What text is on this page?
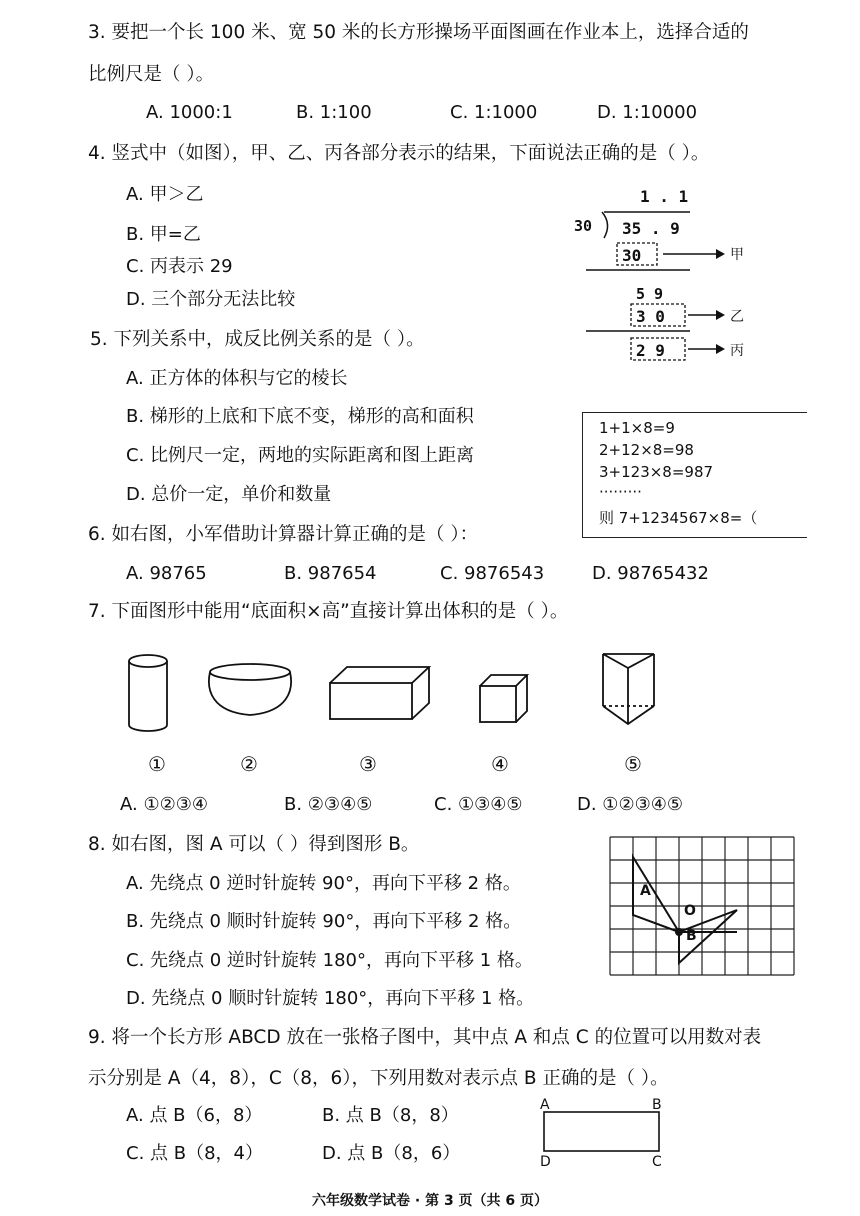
3. 要把一个长 100 米、宽 50 米的长方形操场平面图画在作业本上，选择合适的
比例尺是（ ）。
A. 1000:1	B. 1:100	C. 1:1000	D. 1:10000
4. 竖式中（如图），甲、乙、丙各部分表示的结果，下面说法正确的是（ ）。
A. 甲＞乙
B. 甲=乙
C. 丙表示 29
D. 三个部分无法比较
1 . 1
30 35 . 9
30
5 9
3 0
2 9
甲
乙
丙
5. 下列关系中，成反比例关系的是（ ）。
A. 正方体的体积与它的棱长
B. 梯形的上底和下底不变，梯形的高和面积
C. 比例尺一定，两地的实际距离和图上距离
D. 总价一定，单价和数量
1+1×8=9
2+12×8=98
3+123×8=987
·········
则 7+1234567×8=（
6. 如右图，小军借助计算器计算正确的是（ ）：
A. 98765	B. 987654	C. 9876543	D. 98765432
7. 下面图形中能用“底面积×高”直接计算出体积的是（ ）。
①	②	③	④	⑤
A. ①②③④	B. ②③④⑤	C. ①③④⑤	D. ①②③④⑤
8. 如右图，图 A 可以（ ）得到图形 B。
A. 先绕点 0 逆时针旋转 90°，再向下平移 2 格。
B. 先绕点 0 顺时针旋转 90°，再向下平移 2 格。
C. 先绕点 0 逆时针旋转 180°，再向下平移 1 格。
D. 先绕点 0 顺时针旋转 180°，再向下平移 1 格。
A
O
B
9. 将一个长方形 ABCD 放在一张格子图中，其中点 A 和点 C 的位置可以用数对表
示分别是 A（4，8），C（8，6），下列用数对表示点 B 正确的是（ ）。
A. 点 B（6，8）	B. 点 B（8，8）
C. 点 B（8，4）	D. 点 B（8，6）
A	B
D	C
六年级数学试卷 · 第 3 页（共 6 页）
